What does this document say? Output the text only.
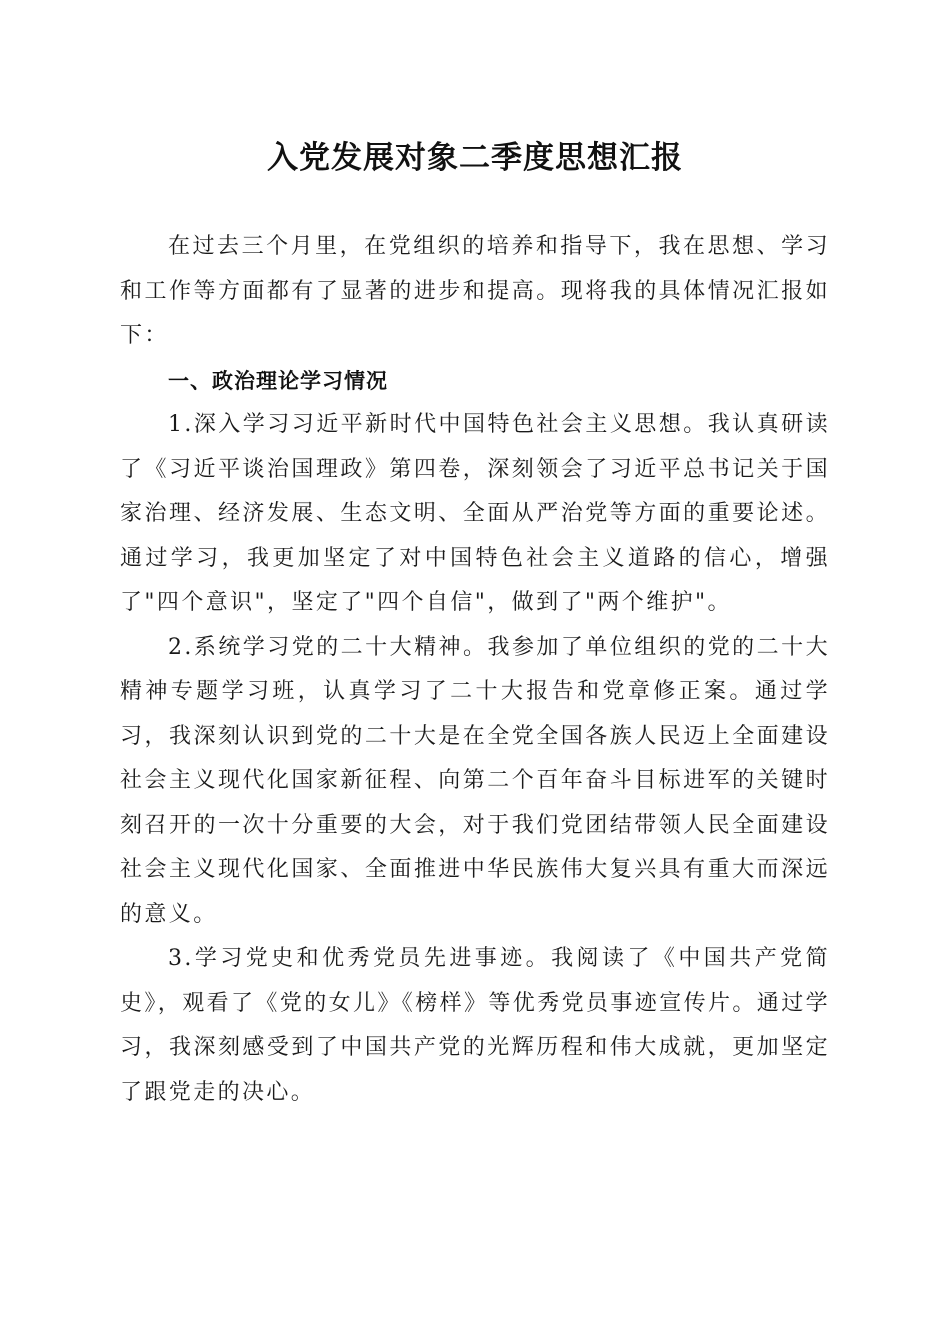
入党发展对象二季度思想汇报

在过去三个月里，在党组织的培养和指导下，我在思想、学习和工作等方面都有了显著的进步和提高。现将我的具体情况汇报如下：

一、政治理论学习情况

1.深入学习习近平新时代中国特色社会主义思想。我认真研读了《习近平谈治国理政》第四卷，深刻领会了习近平总书记关于国家治理、经济发展、生态文明、全面从严治党等方面的重要论述。通过学习，我更加坚定了对中国特色社会主义道路的信心，增强了"四个意识"，坚定了"四个自信"，做到了"两个维护"。

2.系统学习党的二十大精神。我参加了单位组织的党的二十大精神专题学习班，认真学习了二十大报告和党章修正案。通过学习，我深刻认识到党的二十大是在全党全国各族人民迈上全面建设社会主义现代化国家新征程、向第二个百年奋斗目标进军的关键时刻召开的一次十分重要的大会，对于我们党团结带领人民全面建设社会主义现代化国家、全面推进中华民族伟大复兴具有重大而深远的意义。

3.学习党史和优秀党员先进事迹。我阅读了《中国共产党简史》，观看了《党的女儿》《榜样》等优秀党员事迹宣传片。通过学习，我深刻感受到了中国共产党的光辉历程和伟大成就，更加坚定了跟党走的决心。
